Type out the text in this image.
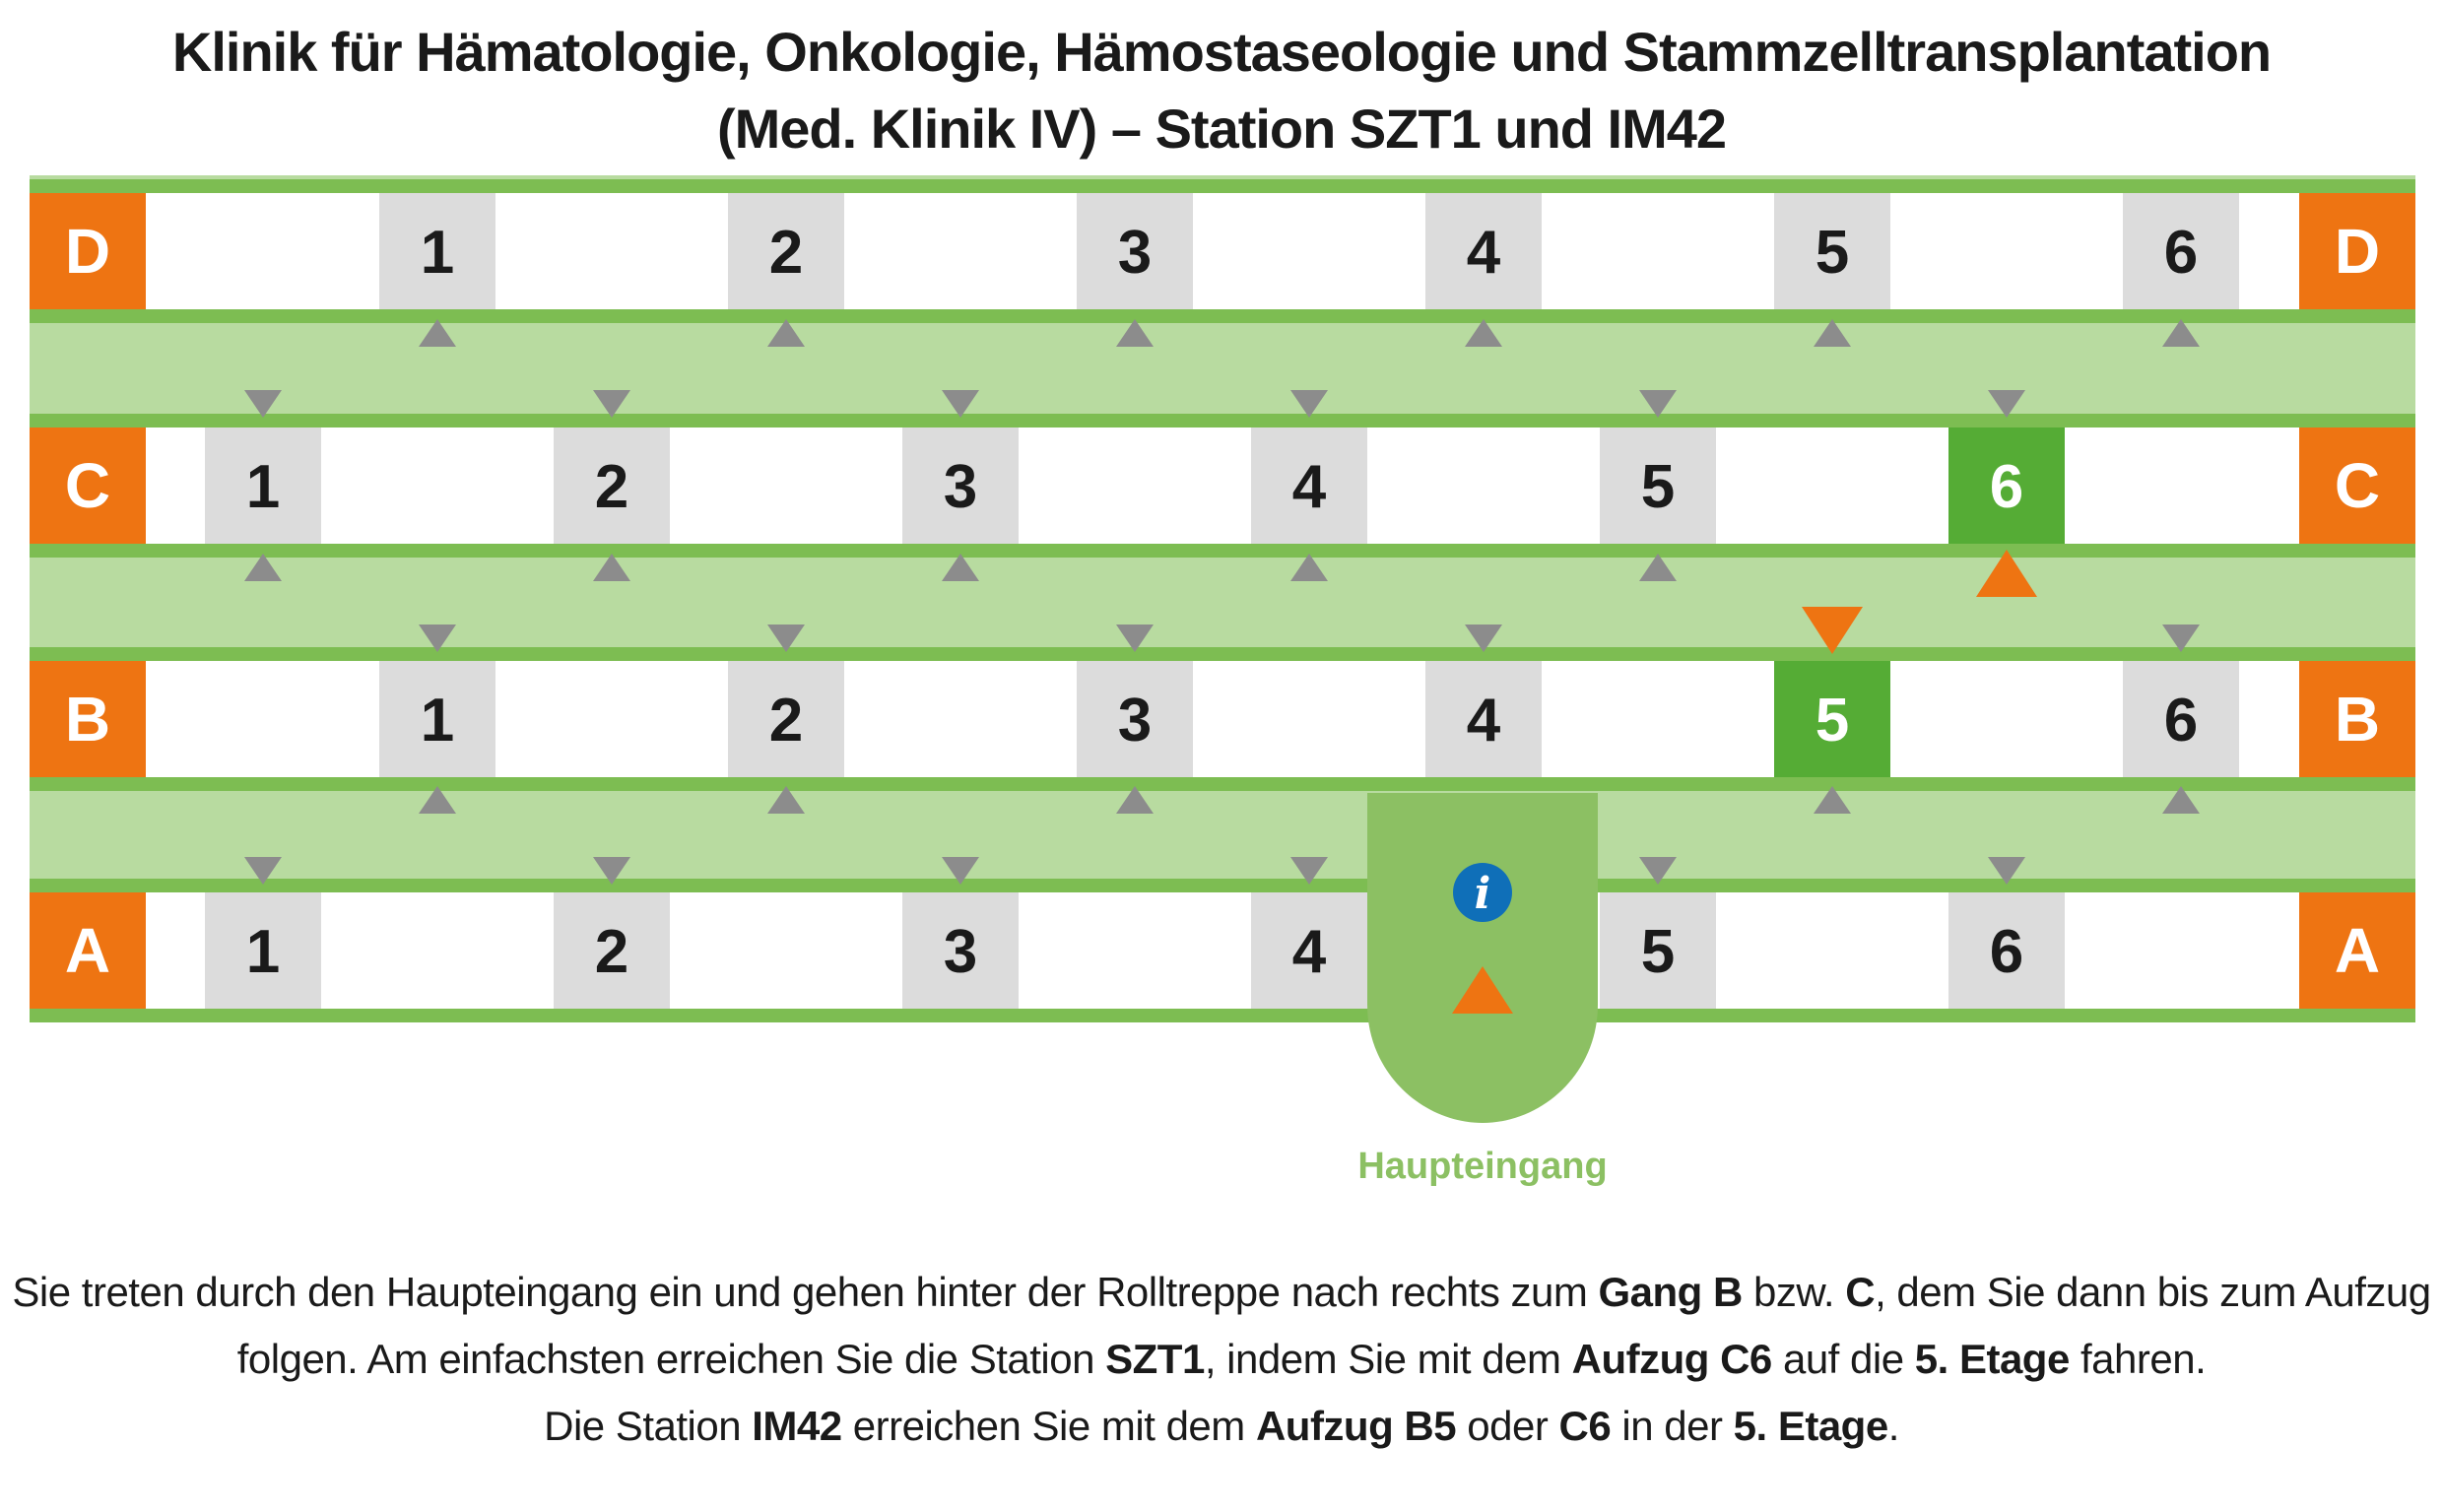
Klinik für Hämatologie, Onkologie, Hämostaseologie und Stammzelltransplantation
(Med. Klinik IV) – Station SZT1 und IM42
Haupteingang
A	A
B	B
C	C
D	D
1	2	3	4	5	6
1	2	3	4	5	6
1	2	3	4	5	6
1	2	3	4	5	6
i
Sie treten durch den Haupteingang ein und gehen hinter der Rolltreppe nach rechts zum Gang B bzw. C, dem Sie dann bis zum Aufzug
folgen. Am einfachsten erreichen Sie die Station SZT1, indem Sie mit dem Aufzug C6 auf die 5. Etage fahren.
Die Station IM42 erreichen Sie mit dem Aufzug B5 oder C6 in der 5. Etage.
